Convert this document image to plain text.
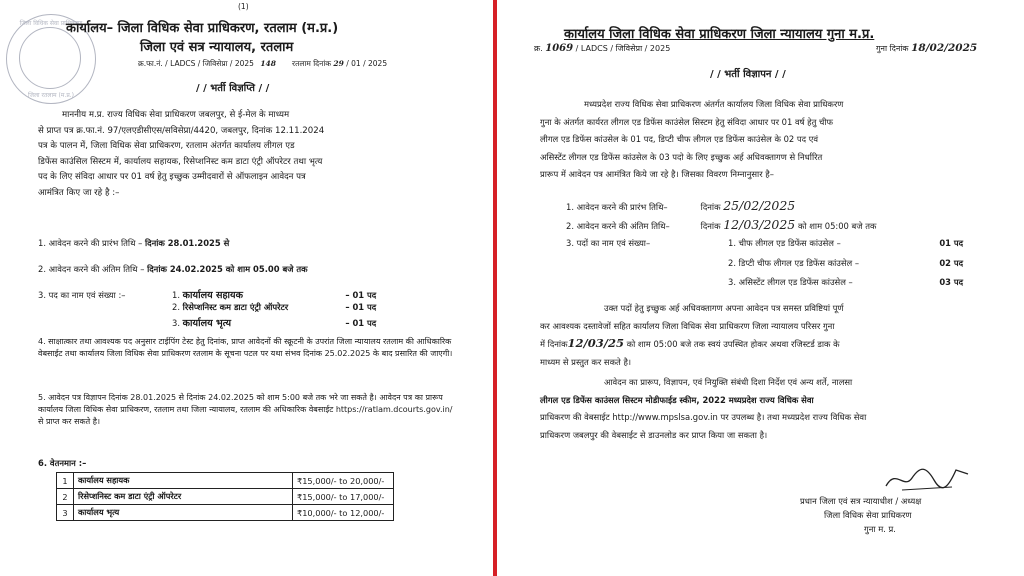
जिला विधिक सेवा प्राधिकरण
जिला रतलाम (म.प्र.)
(1)
कार्यालय– जिला विधिक सेवा प्राधिकरण, रतलाम (म.प्र.)
जिला एवं सत्र न्यायालय, रतलाम
क्र.फा.नं. / LADCS / जिविसेप्रा / 2025 148 रतलाम दिनांक 29 / 01 / 2025
/ / भर्ती विज्ञप्ति / /
माननीय म.प्र. राज्य विधिक सेवा प्राधिकरण जबलपुर, से ई-मेल के माध्यम
से प्राप्त पत्र क्र.फा.नं. 97/एलएडीसीएस/सविसेप्रा/4420, जबलपुर, दिनांक 12.11.2024
पत्र के पालन में, जिला विधिक सेवा प्राधिकरण, रतलाम अंतर्गत कार्यालय लीगल एड
डिफेंस काउंसिल सिस्टम में, कार्यालय सहायक, रिसेप्शनिस्ट कम डाटा एंट्री ऑपरेटर तथा भृत्य
पद के लिए संविदा आधार पर 01 वर्ष हेतु इच्छुक उम्मीदवारों से ऑफलाइन आवेदन पत्र
आमंत्रित किए जा रहे है :–
1. आवेदन करने की प्रारंभ तिथि – दिनांक 28.01.2025 से
2. आवेदन करने की अंतिम तिथि – दिनांक 24.02.2025 को शाम 05.00 बजे तक
3. पद का नाम एवं संख्या :–	1. कार्यालय सहायक	– 01 पद
2. रिसेप्शनिस्ट कम डाटा एंट्री ऑपरेटर	– 01 पद
3. कार्यालय भृत्य	– 01 पद
4. साक्षात्कार तथा आवश्यक पद अनुसार टाईपिंग टेस्ट हेतु दिनांक, प्राप्त आवेदनों की स्क्रूटनी के उपरांत जिला न्यायालय रतलाम की आधिकारिक वेबसाईट तथा कार्यालय जिला विधिक सेवा प्राधिकरण रतलाम के सूचना पटल पर यथा संभव दिनांक 25.02.2025 के बाद प्रसारित की जाएगी।
5. आवेदन पत्र विज्ञापन दिनांक 28.01.2025 से दिनांक 24.02.2025 को शाम 5:00 बजे तक भरे जा सकते है। आवेदन पत्र का प्रारूप कार्यालय जिला विधिक सेवा प्राधिकरण, रतलाम तथा जिला न्यायालय, रतलाम की अधिकारिक वेबसाईट https://ratlam.dcourts.gov.in/ से प्राप्त कर सकते है।
6. वेतनमान :–
1	कार्यालय सहायक	₹15,000/- to 20,000/-
2	रिसेप्शनिस्ट कम डाटा एंट्री ऑपरेटर	₹15,000/- to 17,000/-
3	कार्यालय भृत्य	₹10,000/- to 12,000/-
कार्यालय जिला विधिक सेवा प्राधिकरण जिला न्यायालय गुना म.प्र.
क्र. 1069 / LADCS / जिविसेप्रा / 2025	गुना दिनांक 18/02/2025
/ / भर्ती विज्ञापन / /
मध्यप्रदेश राज्य विधिक सेवा प्राधिकरण अंतर्गत कार्यालय जिला विधिक सेवा प्राधिकरण
गुना के अंतर्गत कार्यरत लीगल एड डिफेंस काउंसेल सिस्टम हेतु संविदा आधार पर 01 वर्ष हेतु चीफ
लीगल एड डिफेंस कांउसेल के 01 पद, डिप्टी चीफ लीगल एड डिफेंस काउंसेल के 02 पद एवं
असिस्टेंट लीगल एड डिफेंस कांउसेल के 03 पदो के लिए इच्छुक अर्ह अधिवक्तागण से निर्धारित
प्रारूप में आवेदन पत्र आमंत्रित किये जा रहे है। जिसका विवरण निम्नानुसार है–
1. आवेदन करने की प्रारंभ तिथि–	दिनांक 25/02/2025
2. आवेदन करने की अंतिम तिथि–	दिनांक 12/03/2025 को शाम 05:00 बजे तक
3. पदों का नाम एवं संख्या–	1. चीफ लीगल एड डिफेंस कांउसेल –	01 पद
2. डिप्टी चीफ लीगल एड डिफेंस कांउसेल –	02 पद
3. असिस्टेंट लीगल एड डिफेंस कांउसेल –	03 पद
उक्त पदों हेतु इच्छुक अर्ह अधिवक्तागण अपना आवेदन पत्र समस्त प्रविष्टियां पूर्ण
कर आवश्यक दस्तावेजों सहित कार्यालय जिला विधिक सेवा प्राधिकरण जिला न्यायालय परिसर गुना
में दिनांक12/03/25 को शाम 05:00 बजे तक स्वयं उपस्थित होकर अथवा रजिस्टर्ड डाक के
माध्यम से प्रस्तुत कर सकते है।
आवेदन का प्रारूप, विज्ञापन, एवं नियुक्ति संबंधी दिशा निर्देश एवं अन्य शर्ते, नालसा
लीगल एड डिफेंस काउंसल सिस्टम मोडीफाईड स्कीम, 2022 मध्यप्रदेश राज्य विधिक सेवा
प्राधिकरण की वेबसाईट http://www.mpslsa.gov.in पर उपलब्ध है। तथा मध्यप्रदेश राज्य विधिक सेवा
प्राधिकरण जबलपुर की वेबसाईट से डाउनलोड कर प्राप्त किया जा सकता है।
प्रधान जिला एवं सत्र न्यायाधीश / अध्यक्ष
जिला विधिक सेवा प्राधिकरण
गुना म. प्र.
